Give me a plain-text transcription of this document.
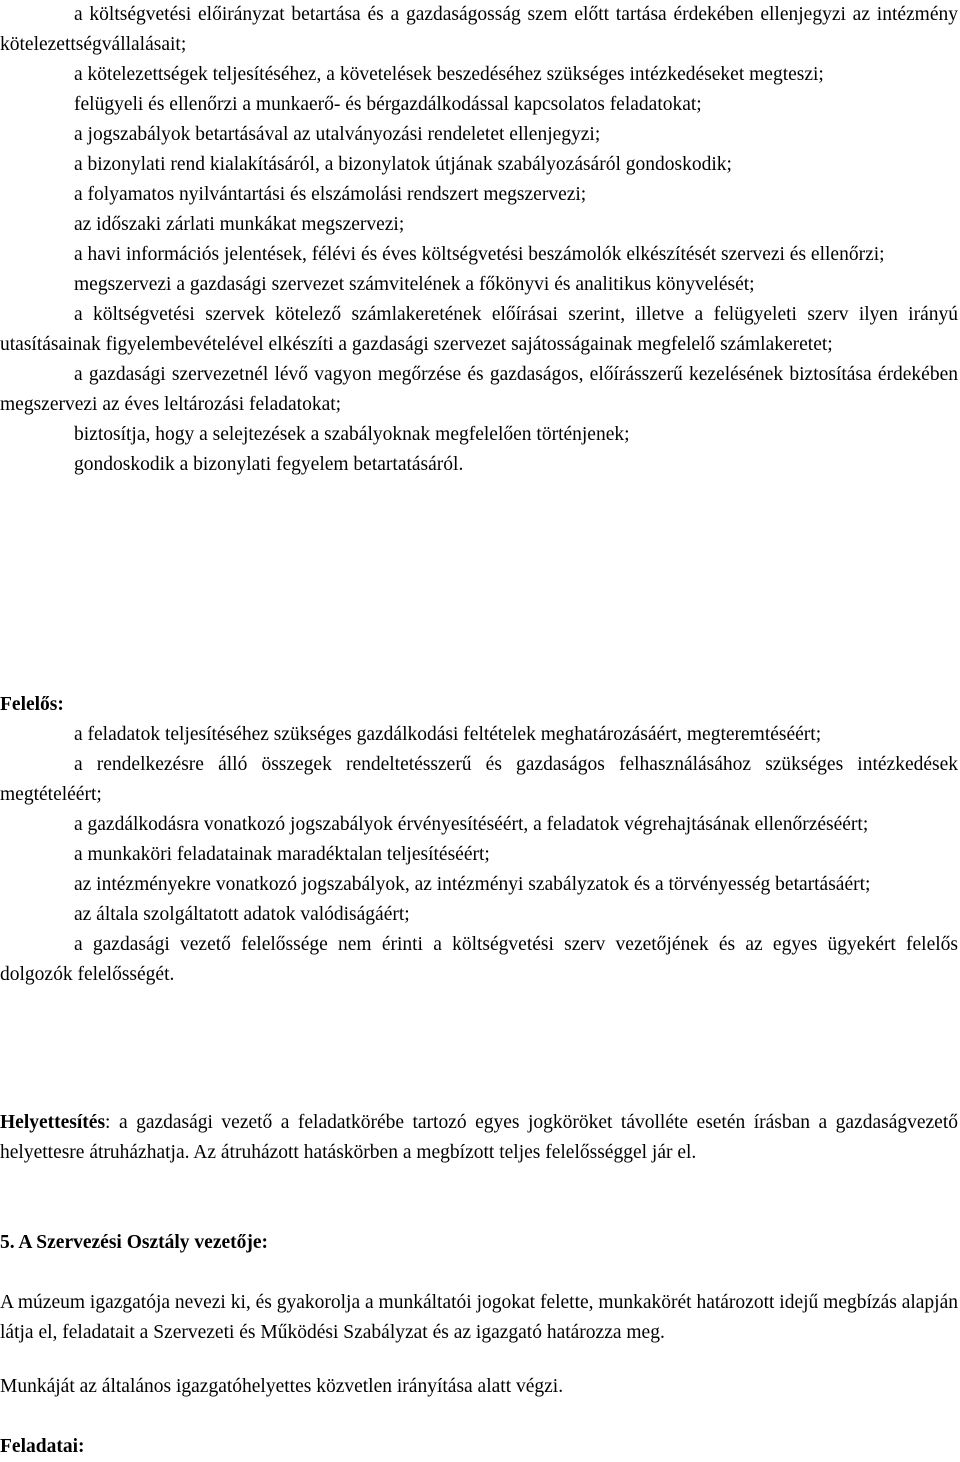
a költségvetési előirányzat betartása és a gazdaságosság szem előtt tartása érdekében ellenjegyzi az intézmény kötelezettségvállalásait;
a kötelezettségek teljesítéséhez, a követelések beszedéséhez szükséges intézkedéseket megteszi;
felügyeli és ellenőrzi a munkaerő- és bérgazdálkodással kapcsolatos feladatokat;
a jogszabályok betartásával az utalványozási rendeletet ellenjegyzi;
a bizonylati rend kialakításáról, a bizonylatok útjának szabályozásáról gondoskodik;
a folyamatos nyilvántartási és elszámolási rendszert megszervezi;
az időszaki zárlati munkákat megszervezi;
a havi információs jelentések, félévi és éves költségvetési beszámolók elkészítését szervezi és ellenőrzi;
megszervezi a gazdasági szervezet számvitelének a főkönyvi és analitikus könyvelését;
a költségvetési szervek kötelező számlakeretének előírásai szerint, illetve a felügyeleti szerv ilyen irányú utasításainak figyelembevételével elkészíti a gazdasági szervezet sajátosságainak megfelelő számlakeretet;
a gazdasági szervezetnél lévő vagyon megőrzése és gazdaságos, előírásszerű kezelésének biztosítása érdekében megszervezi az éves leltározási feladatokat;
biztosítja, hogy a selejtezések a szabályoknak megfelelően történjenek;
gondoskodik a bizonylati fegyelem betartatásáról.
Felelős:
a feladatok teljesítéséhez szükséges gazdálkodási feltételek meghatározásáért, megteremtéséért;
a rendelkezésre álló összegek rendeltetésszerű és gazdaságos felhasználásához szükséges intézkedések megtételéért;
a gazdálkodásra vonatkozó jogszabályok érvényesítéséért, a feladatok végrehajtásának ellenőrzéséért;
a munkaköri feladatainak maradéktalan teljesítéséért;
az intézményekre vonatkozó jogszabályok, az intézményi szabályzatok és a törvényesség betartásáért;
az általa szolgáltatott adatok valódiságáért;
a gazdasági vezető felelőssége nem érinti a költségvetési szerv vezetőjének és az egyes ügyekért felelős dolgozók felelősségét.

Helyettesítés: a gazdasági vezető a feladatkörébe tartozó egyes jogköröket távolléte esetén írásban a gazdaságvezető helyettesre átruházhatja. Az átruházott hatáskörben a megbízott teljes felelősséggel jár el.

5. A Szervezési Osztály vezetője:

A múzeum igazgatója nevezi ki, és gyakorolja a munkáltatói jogokat felette, munkakörét határozott idejű megbízás alapján látja el, feladatait a Szervezeti és Működési Szabályzat és az igazgató határozza meg.

Munkáját az általános igazgatóhelyettes közvetlen irányítása alatt végzi.
Feladatai:
